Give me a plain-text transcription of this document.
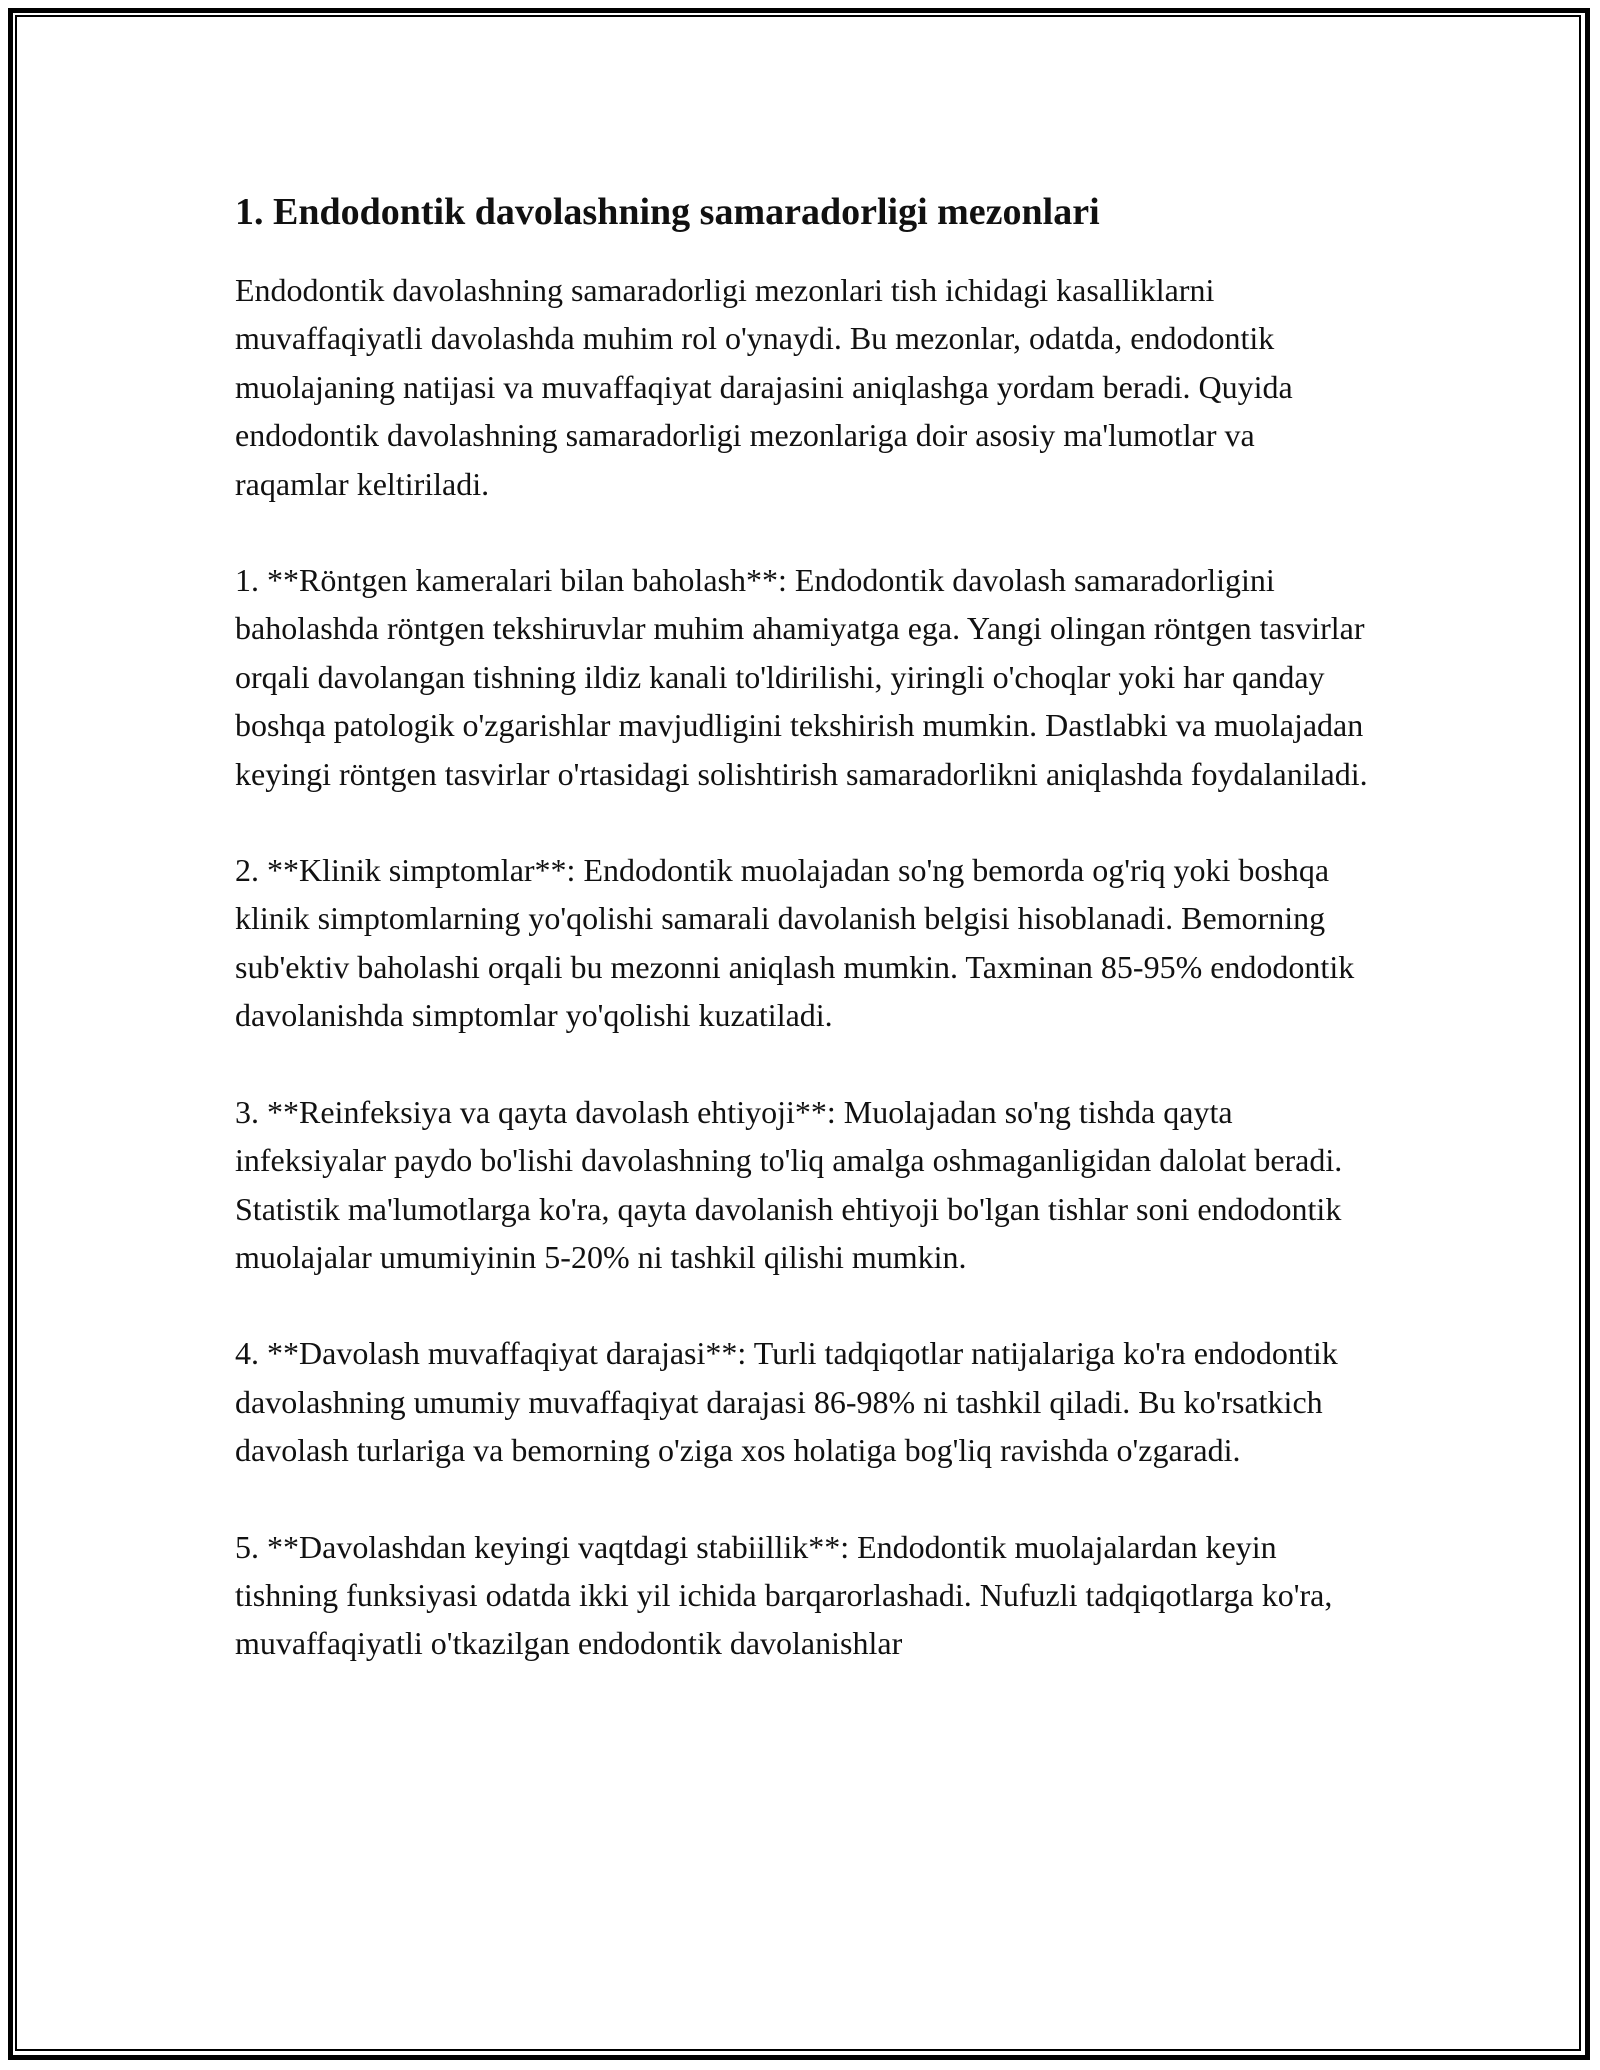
1. Endodontik davolashning samaradorligi mezonlari

Endodontik davolashning samaradorligi mezonlari tish ichidagi kasalliklarni muvaffaqiyatli davolashda muhim rol o'ynaydi. Bu mezonlar, odatda, endodontik muolajaning natijasi va muvaffaqiyat darajasini aniqlashga yordam beradi. Quyida endodontik davolashning samaradorligi mezonlariga doir asosiy ma'lumotlar va raqamlar keltiriladi.

1. **Röntgen kameralari bilan baholash**: Endodontik davolash samaradorligini baholashda röntgen tekshiruvlar muhim ahamiyatga ega. Yangi olingan röntgen tasvirlar orqali davolangan tishning ildiz kanali to'ldirilishi, yiringli o'choqlar yoki har qanday boshqa patologik o'zgarishlar mavjudligini tekshirish mumkin. Dastlabki va muolajadan keyingi röntgen tasvirlar o'rtasidagi solishtirish samaradorlikni aniqlashda foydalaniladi.

2. **Klinik simptomlar**: Endodontik muolajadan so'ng bemorda og'riq yoki boshqa klinik simptomlarning yo'qolishi samarali davolanish belgisi hisoblanadi. Bemorning sub'ektiv baholashi orqali bu mezonni aniqlash mumkin. Taxminan 85-95% endodontik davolanishda simptomlar yo'qolishi kuzatiladi.

3. **Reinfeksiya va qayta davolash ehtiyoji**: Muolajadan so'ng tishda qayta infeksiyalar paydo bo'lishi davolashning to'liq amalga oshmaganligidan dalolat beradi. Statistik ma'lumotlarga ko'ra, qayta davolanish ehtiyoji bo'lgan tishlar soni endodontik muolajalar umumiyinin 5-20% ni tashkil qilishi mumkin.

4. **Davolash muvaffaqiyat darajasi**: Turli tadqiqotlar natijalariga ko'ra endodontik davolashning umumiy muvaffaqiyat darajasi 86-98% ni tashkil qiladi. Bu ko'rsatkich davolash turlariga va bemorning o'ziga xos holatiga bog'liq ravishda o'zgaradi.

5. **Davolashdan keyingi vaqtdagi stabiillik**: Endodontik muolajalardan keyin tishning funksiyasi odatda ikki yil ichida barqarorlashadi. Nufuzli tadqiqotlarga ko'ra, muvaffaqiyatli o'tkazilgan endodontik davolanishlar
